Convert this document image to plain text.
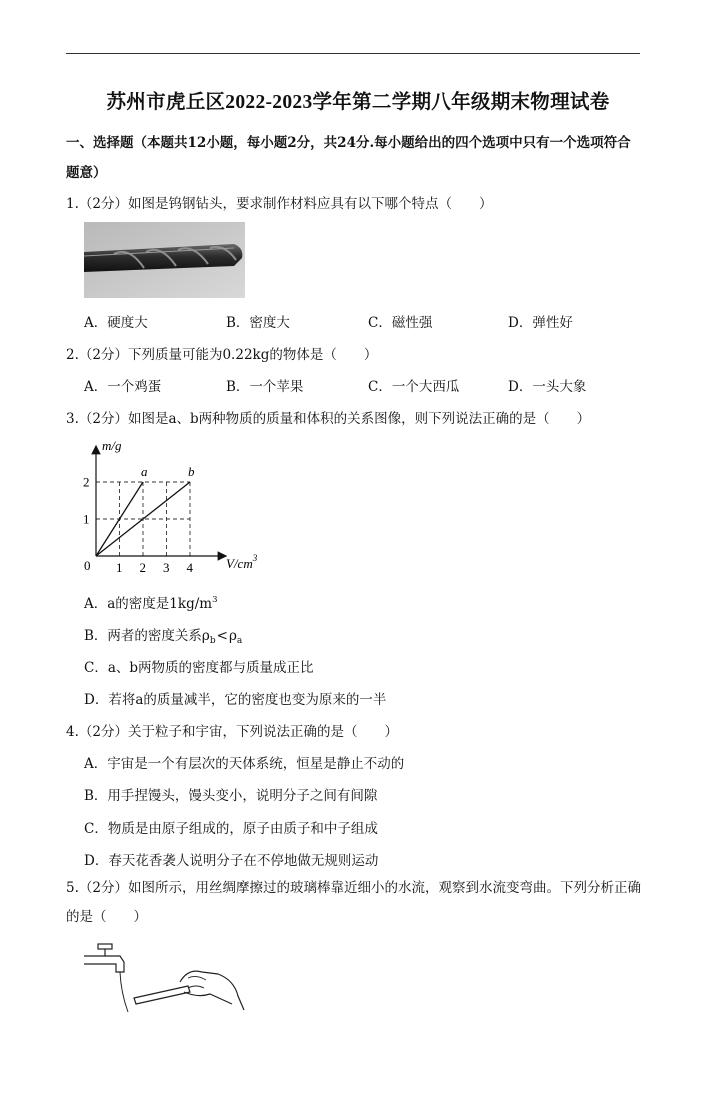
苏州市虎丘区2022-2023学年第二学期八年级期末物理试卷
一、选择题（本题共12小题，每小题2分，共24分.每小题给出的四个选项中只有一个选项符合题意）
1.（2分）如图是钨钢钻头，要求制作材料应具有以下哪个特点（　　）
A．硬度大	B．密度大	C．磁性强	D．弹性好
2.（2分）下列质量可能为0.22kg的物体是（　　）
A．一个鸡蛋	B．一个苹果	C．一个大西瓜	D．一头大象
3.（2分）如图是a、b两种物质的质量和体积的关系图像，则下列说法正确的是（　　）
a	b
1 2 3 4
1
2
m/g
$V/cm^3$
0
A．a的密度是$1kg/m^3$
B．两者的密度关系$\rho_b<\rho_a$
C．a、b两物质的密度都与质量成正比
D．若将a的质量减半，它的密度也变为原来的一半
4.（2分）关于粒子和宇宙，下列说法正确的是（　　）
A．宇宙是一个有层次的天体系统，恒星是静止不动的
B．用手捏馒头，馒头变小，说明分子之间有间隙
C．物质是由原子组成的，原子由质子和中子组成
D．春天花香袭人说明分子在不停地做无规则运动
5.（2分）如图所示，用丝绸摩擦过的玻璃棒靠近细小的水流，观察到水流变弯曲。下列分析正确的是（　　）
